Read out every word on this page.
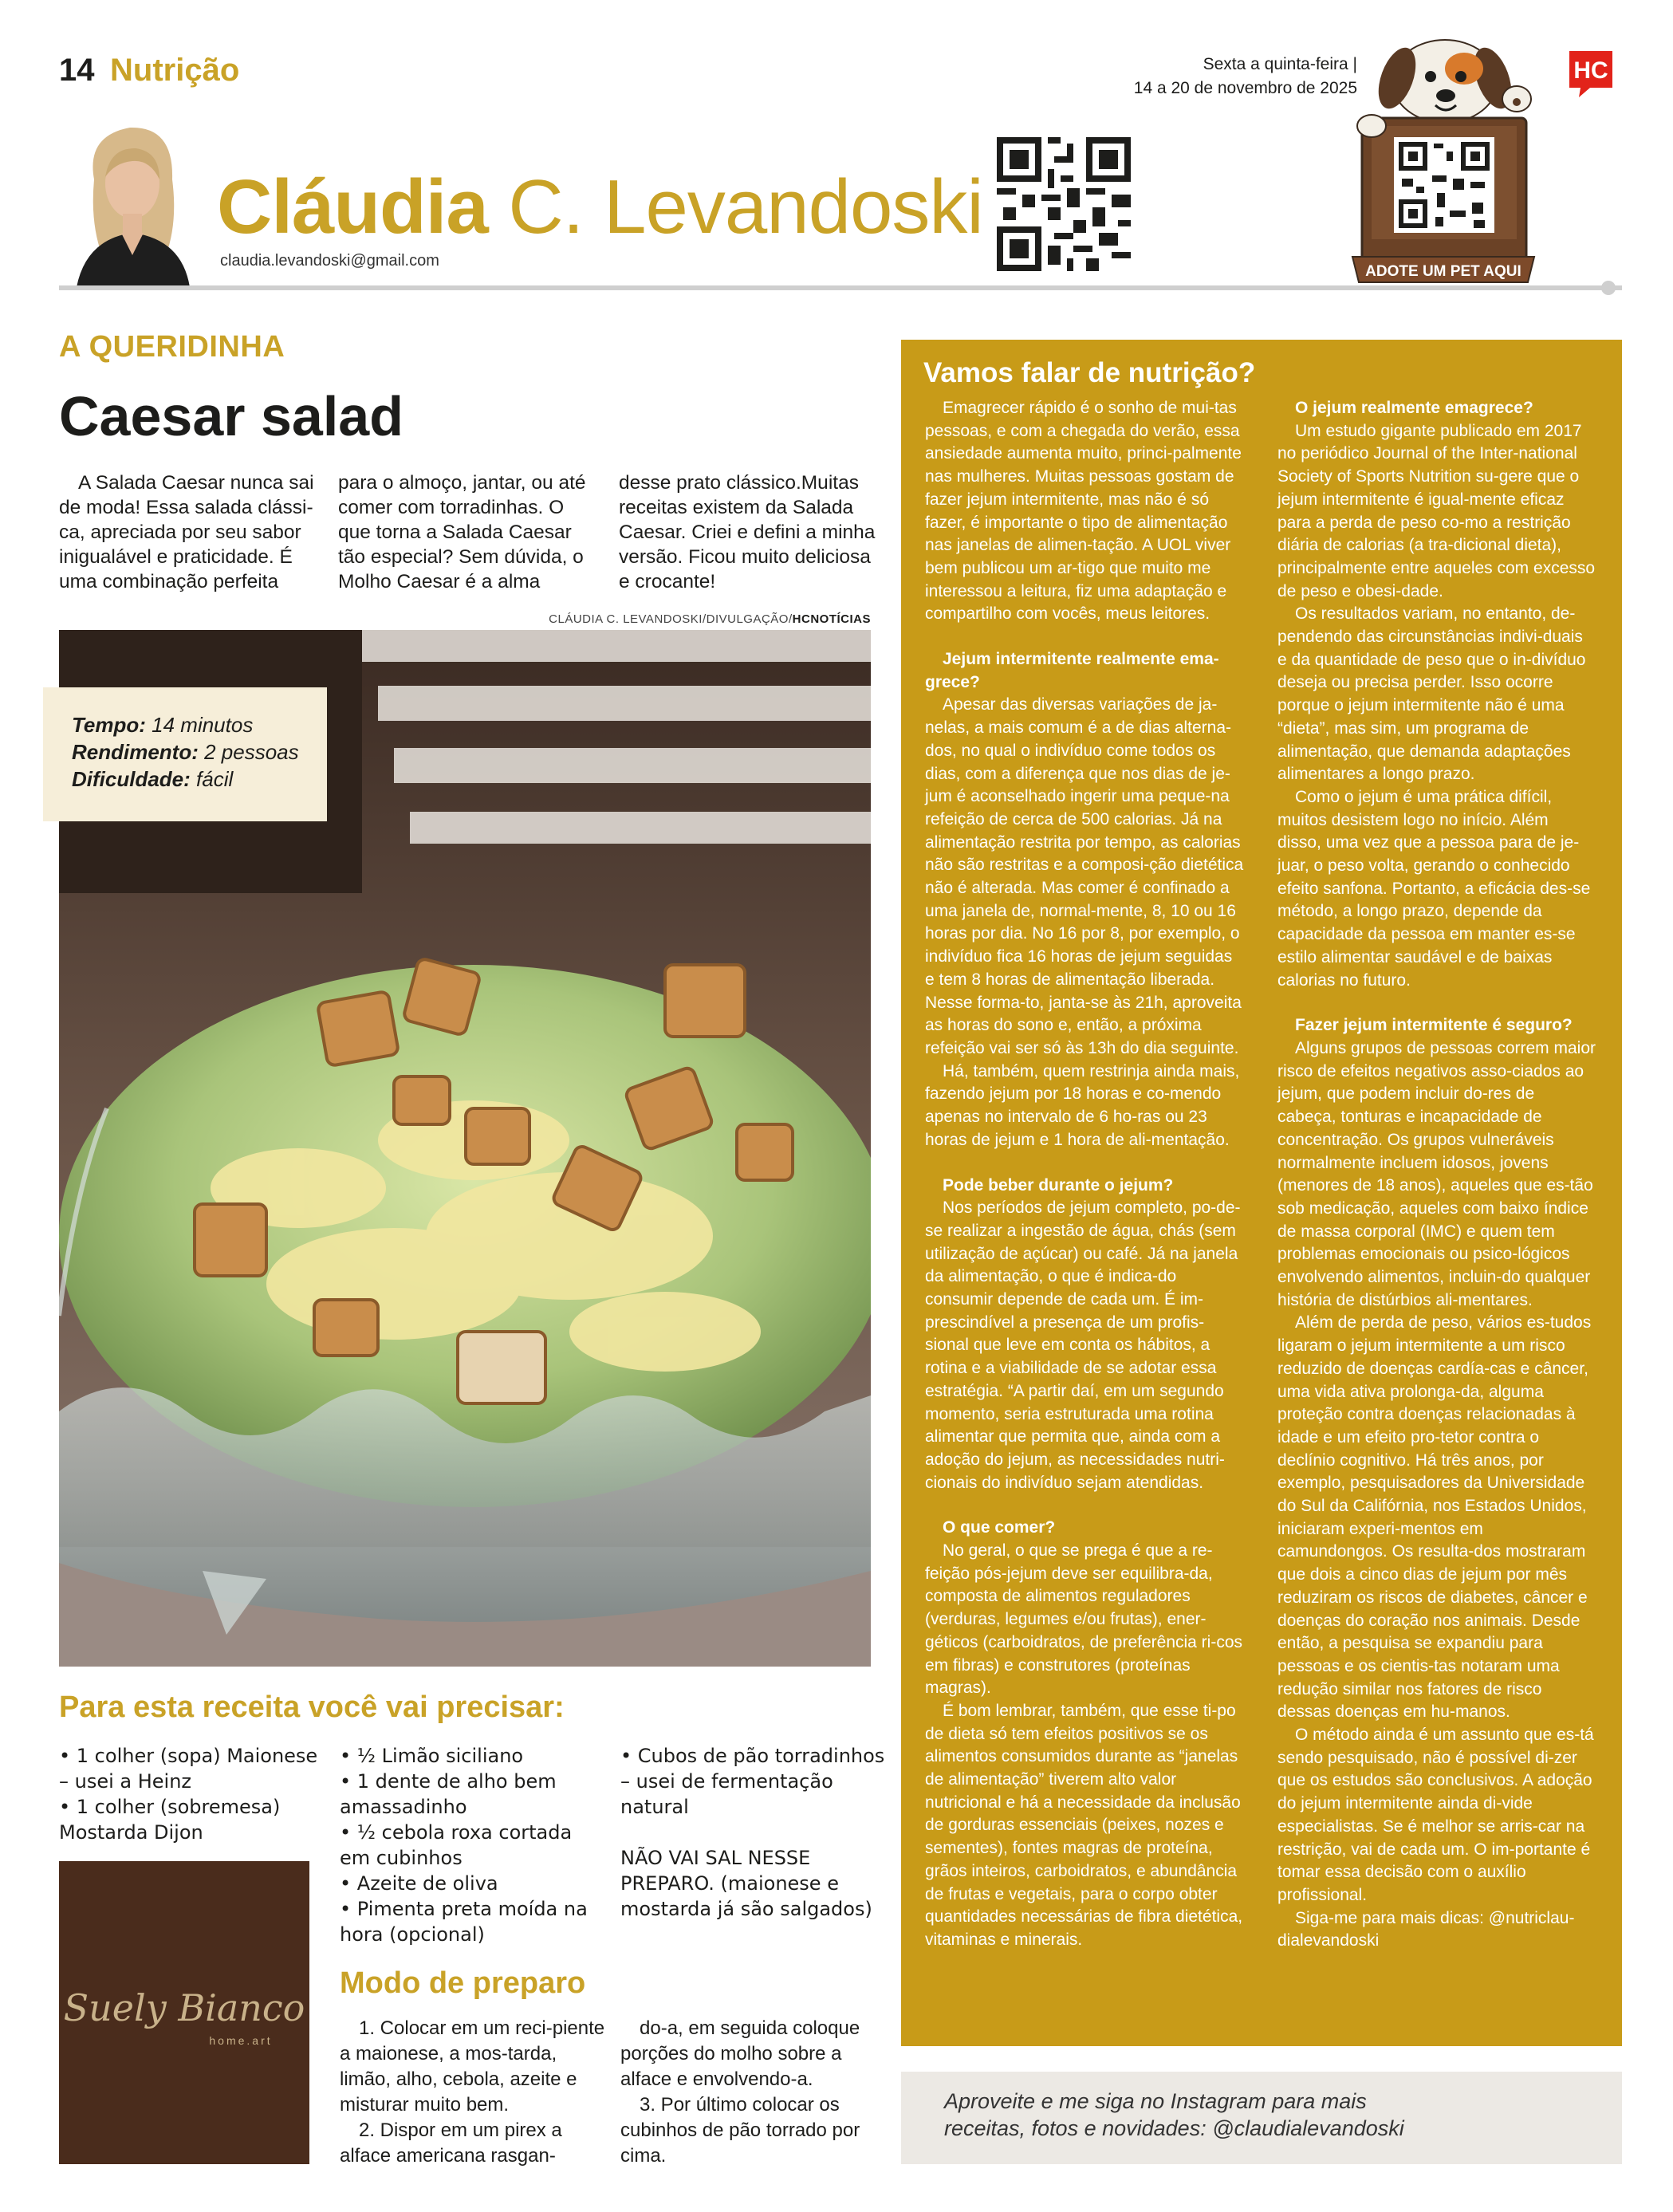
14 Nutrição	Sexta a quinta-feira |
14 a 20 de novembro de 2025
Cláudia C. Levandoski
claudia.levandoski@gmail.com
ADOTE UM PET AQUI
HC
A QUERIDINHA
Caesar salad

A Salada Caesar nunca sai de moda! Essa salada clássi-ca, apreciada por seu sabor inigualável e praticidade. É uma combinação perfeita

para o almoço, jantar, ou até comer com torradinhas. O que torna a Salada Caesar tão especial? Sem dúvida, o Molho Caesar é a alma

desse prato clássico.Muitas receitas existem da Salada Caesar. Criei e defini a minha versão. Ficou muito deliciosa e crocante!

CLÁUDIA C. LEVANDOSKI/DIVULGAÇÃO/HCNOTÍCIAS
Tempo: 14 minutos
Rendimento: 2 pessoas
Dificuldade: fácil
Para esta receita você vai precisar:
• 1 colher (sopa) Maionese – usei a Heinz
• 1 colher (sobremesa) Mostarda Dijon
• ½ Limão siciliano
• 1 dente de alho bem amassadinho
• ½ cebola roxa cortada em cubinhos
• Azeite de oliva
• Pimenta preta moída na hora (opcional)
• Cubos de pão torradinhos – usei de fermentação natural
NÃO VAI SAL NESSE PREPARO. (maionese e mostarda já são salgados)
Suely Bianco
home.art
Modo de preparo

1. Colocar em um reci-piente a maionese, a mos-tarda, limão, alho, cebola, azeite e misturar muito bem.

2. Dispor em um pirex a alface americana rasgan-

do-a, em seguida coloque porções do molho sobre a alface e envolvendo-a.

3. Por último colocar os cubinhos de pão torrado por cima.

Vamos falar de nutrição?

Emagrecer rápido é o sonho de mui-tas pessoas, e com a chegada do verão, essa ansiedade aumenta muito, princi-palmente nas mulheres. Muitas pessoas gostam de fazer jejum intermitente, mas não é só fazer, é importante o tipo de alimentação nas janelas de alimen-tação. A UOL viver bem publicou um ar-tigo que muito me interessou a leitura, fiz uma adaptação e compartilho com vocês, meus leitores.

Jejum intermitente realmente ema-grece?

Apesar das diversas variações de ja-nelas, a mais comum é a de dias alterna-dos, no qual o indivíduo come todos os dias, com a diferença que nos dias de je-jum é aconselhado ingerir uma peque-na refeição de cerca de 500 calorias. Já na alimentação restrita por tempo, as calorias não são restritas e a composi-ção dietética não é alterada. Mas comer é confinado a uma janela de, normal-mente, 8, 10 ou 16 horas por dia. No 16 por 8, por exemplo, o indivíduo fica 16 horas de jejum seguidas e tem 8 horas de alimentação liberada. Nesse forma-to, janta-se às 21h, aproveita as horas do sono e, então, a próxima refeição vai ser só às 13h do dia seguinte.

Há, também, quem restrinja ainda mais, fazendo jejum por 18 horas e co-mendo apenas no intervalo de 6 ho-ras ou 23 horas de jejum e 1 hora de ali-mentação.

Pode beber durante o jejum?

Nos períodos de jejum completo, po-de-se realizar a ingestão de água, chás (sem utilização de açúcar) ou café. Já na janela da alimentação, o que é indica-do consumir depende de cada um. É im-prescindível a presença de um profis-sional que leve em conta os hábitos, a rotina e a viabilidade de se adotar essa estratégia. “A partir daí, em um segundo momento, seria estruturada uma rotina alimentar que permita que, ainda com a adoção do jejum, as necessidades nutri-cionais do indivíduo sejam atendidas.

O que comer?

No geral, o que se prega é que a re-feição pós-jejum deve ser equilibra-da, composta de alimentos reguladores (verduras, legumes e/ou frutas), ener-géticos (carboidratos, de preferência ri-cos em fibras) e construtores (proteínas magras).

É bom lembrar, também, que esse ti-po de dieta só tem efeitos positivos se os alimentos consumidos durante as “janelas de alimentação” tiverem alto valor nutricional e há a necessidade da inclusão de gorduras essenciais (peixes, nozes e sementes), fontes magras de proteína, grãos inteiros, carboidratos, e abundância de frutas e vegetais, para o corpo obter quantidades necessárias de fibra dietética, vitaminas e minerais.

O jejum realmente emagrece?

Um estudo gigante publicado em 2017 no periódico Journal of the Inter-national Society of Sports Nutrition su-gere que o jejum intermitente é igual-mente eficaz para a perda de peso co-mo a restrição diária de calorias (a tra-dicional dieta), principalmente entre aqueles com excesso de peso e obesi-dade.

Os resultados variam, no entanto, de-pendendo das circunstâncias indivi-duais e da quantidade de peso que o in-divíduo deseja ou precisa perder. Isso ocorre porque o jejum intermitente não é uma “dieta”, mas sim, um programa de alimentação, que demanda adaptações alimentares a longo prazo.

Como o jejum é uma prática difícil, muitos desistem logo no início. Além disso, uma vez que a pessoa para de je-juar, o peso volta, gerando o conhecido efeito sanfona. Portanto, a eficácia des-se método, a longo prazo, depende da capacidade da pessoa em manter es-se estilo alimentar saudável e de baixas calorias no futuro.

Fazer jejum intermitente é seguro?

Alguns grupos de pessoas correm maior risco de efeitos negativos asso-ciados ao jejum, que podem incluir do-res de cabeça, tonturas e incapacidade de concentração. Os grupos vulneráveis normalmente incluem idosos, jovens (menores de 18 anos), aqueles que es-tão sob medicação, aqueles com baixo índice de massa corporal (IMC) e quem tem problemas emocionais ou psico-lógicos envolvendo alimentos, incluin-do qualquer história de distúrbios ali-mentares.

Além de perda de peso, vários es-tudos ligaram o jejum intermitente a um risco reduzido de doenças cardía-cas e câncer, uma vida ativa prolonga-da, alguma proteção contra doenças relacionadas à idade e um efeito pro-tetor contra o declínio cognitivo. Há três anos, por exemplo, pesquisadores da Universidade do Sul da Califórnia, nos Estados Unidos, iniciaram experi-mentos em camundongos. Os resulta-dos mostraram que dois a cinco dias de jejum por mês reduziram os riscos de diabetes, câncer e doenças do coração nos animais. Desde então, a pesquisa se expandiu para pessoas e os cientis-tas notaram uma redução similar nos fatores de risco dessas doenças em hu-manos.

O método ainda é um assunto que es-tá sendo pesquisado, não é possível di-zer que os estudos são conclusivos. A adoção do jejum intermitente ainda di-vide especialistas. Se é melhor se arris-car na restrição, vai de cada um. O im-portante é tomar essa decisão com o auxílio profissional.

Siga-me para mais dicas: @nutriclau-dialevandoski

Aproveite e me siga no Instagram para mais receitas, fotos e novidades: @claudialevandoski
